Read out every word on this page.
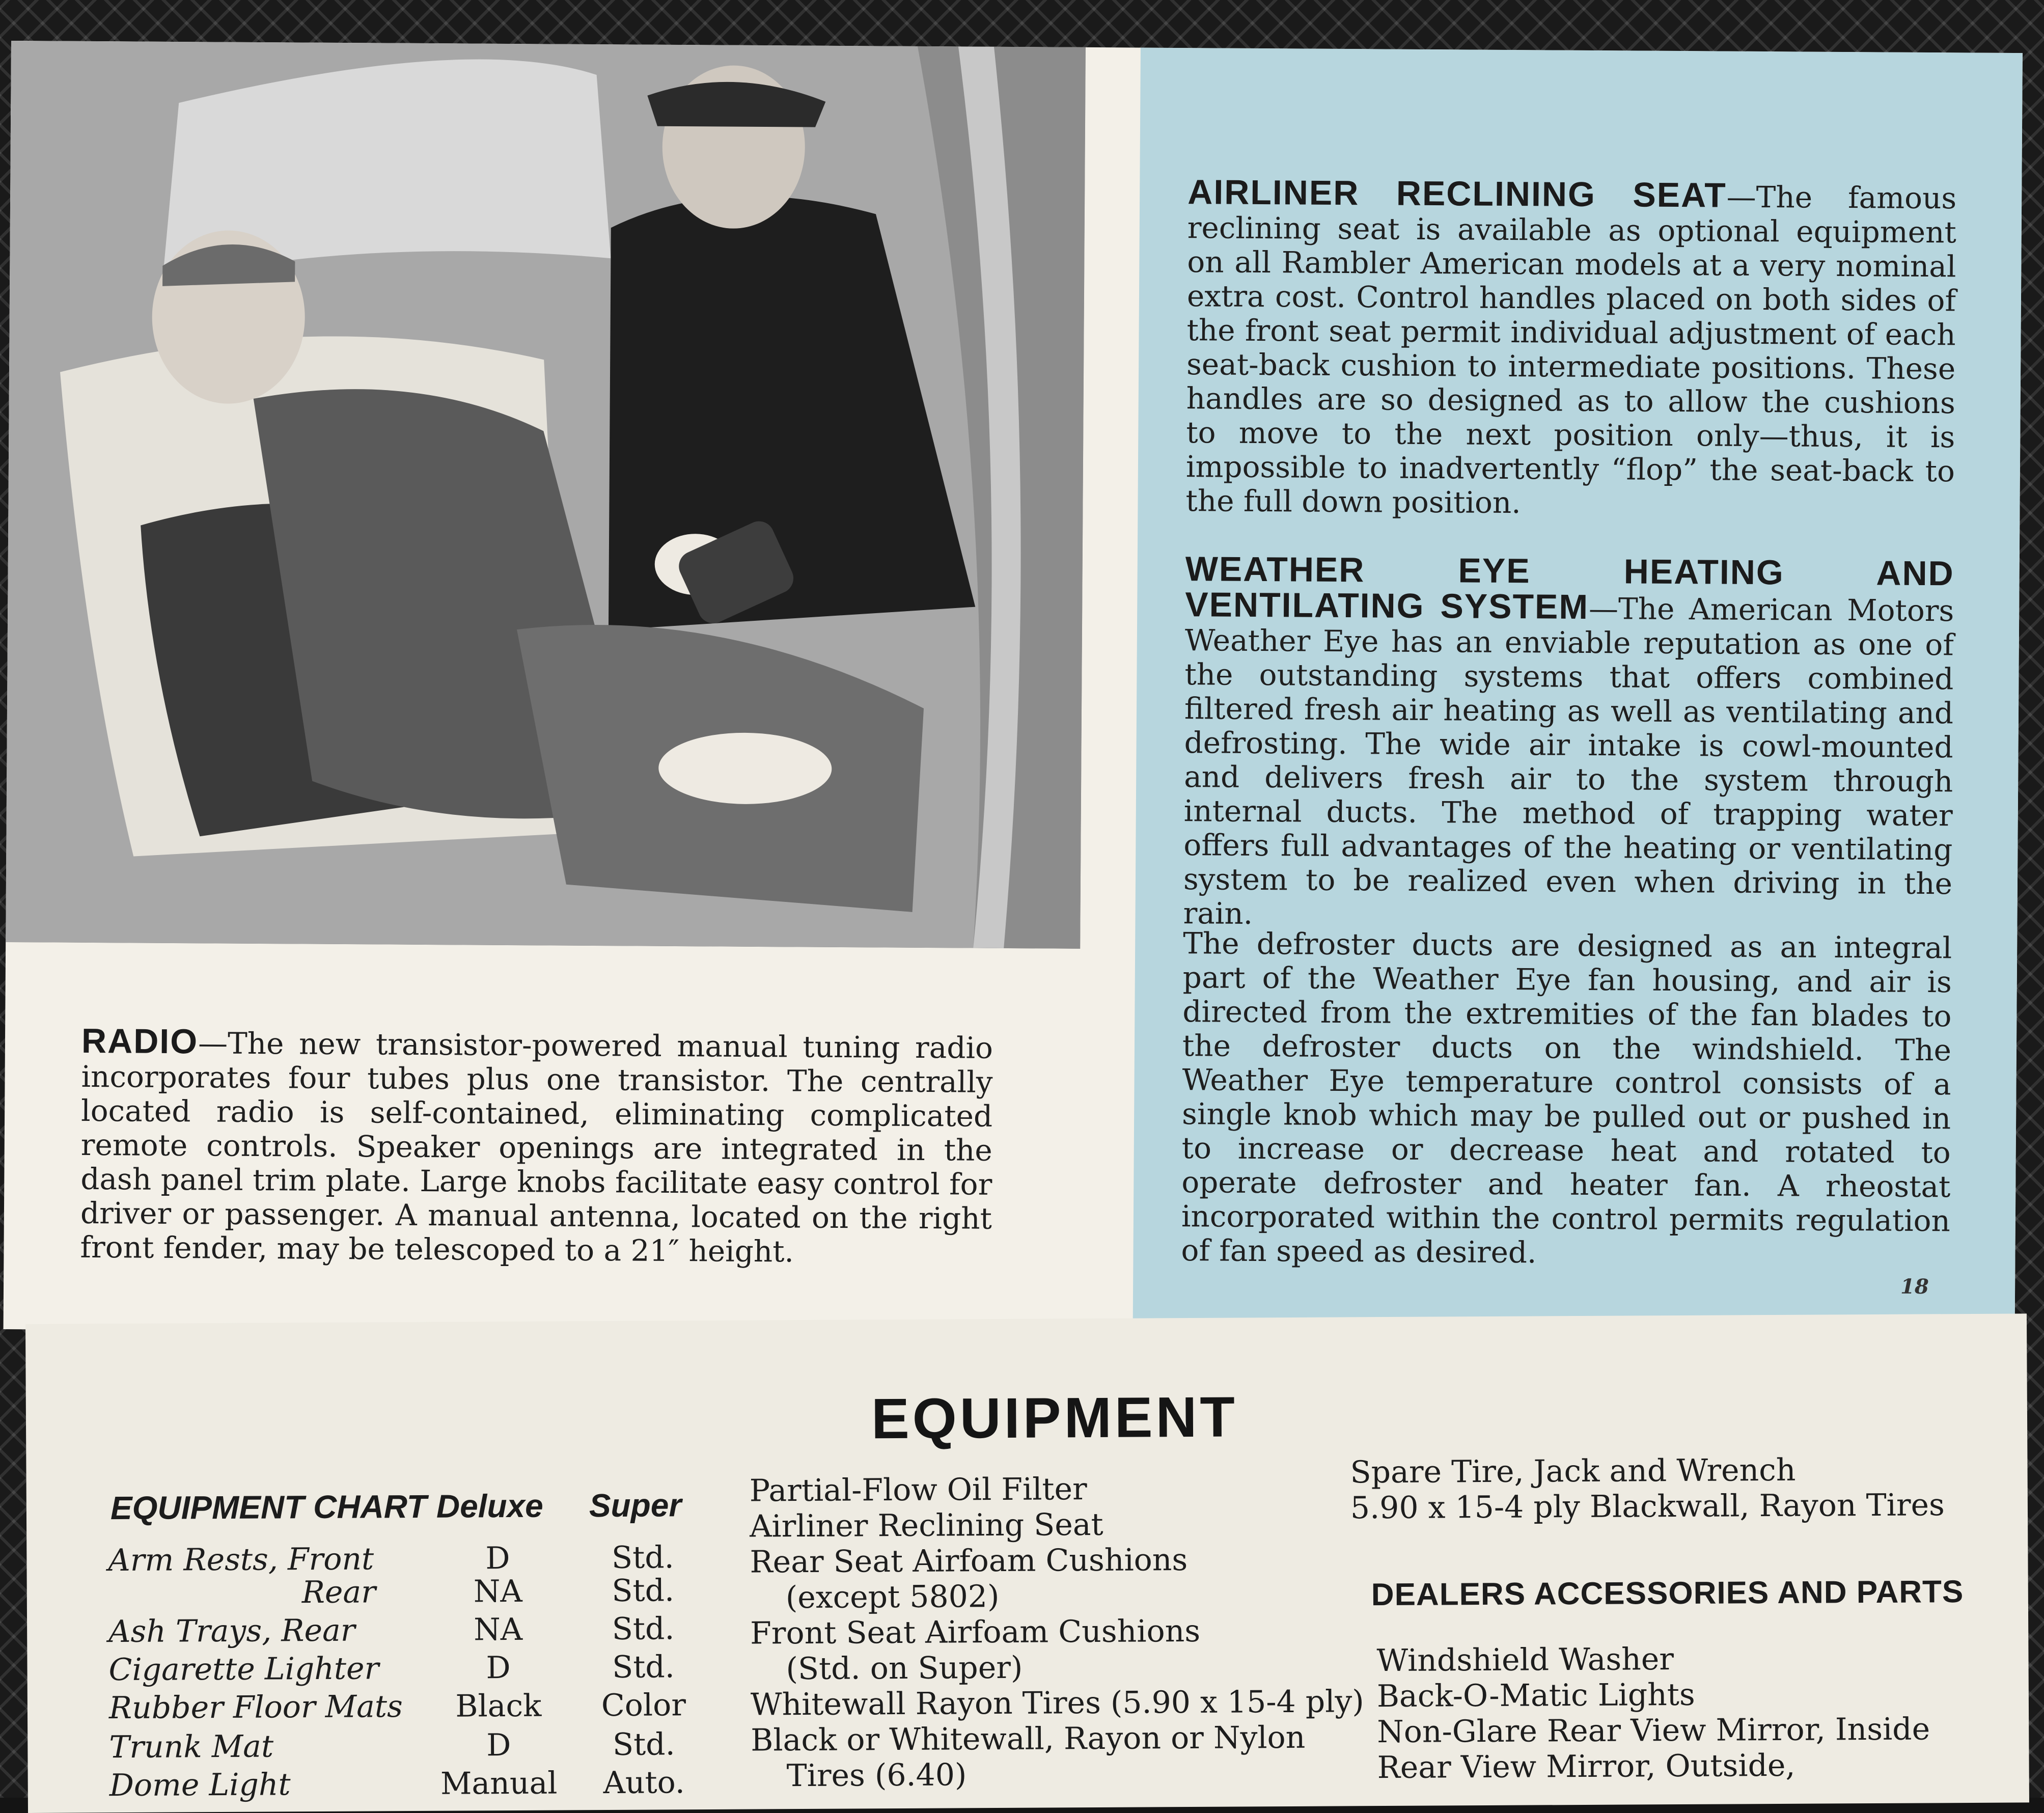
AIRLINER RECLINING SEAT—The famous reclining seat is available as optional equipment on all Rambler American models at a very nominal extra cost. Control handles placed on both sides of the front seat permit individual adjustment of each seat-back cushion to intermediate positions. These handles are so designed as to allow the cushions to move to the next position only—thus, it is impossible to inadvertently “flop” the seat-back to the full down position.
WEATHER EYE HEATING AND VENTILATING SYSTEM—The American Motors Weather Eye has an enviable reputation as one of the outstanding systems that offers combined filtered fresh air heating as well as ventilating and defrosting. The wide air intake is cowl-mounted and delivers fresh air to the system through internal ducts. The method of trapping water offers full advantages of the heating or ventilating system to be realized even when driving in the rain.
The defroster ducts are designed as an integral part of the Weather Eye fan housing, and air is directed from the extremities of the fan blades to the defroster ducts on the windshield. The Weather Eye temperature control consists of a single knob which may be pulled out or pushed in to increase or decrease heat and rotated to operate defroster and heater fan. A rheostat incorporated within the control permits regulation of fan speed as desired.
RADIO—The new transistor-powered manual tuning radio incorporates four tubes plus one transistor. The centrally located radio is self-contained, eliminating complicated remote controls. Speaker openings are integrated in the dash panel trim plate. Large knobs facilitate easy control for driver or passenger. A manual antenna, located on the right front fender, may be telescoped to a 21″ height.
18
EQUIPMENT
EQUIPMENT CHART Deluxe Super
Arm Rests, Front	D	Std.
Rear	NA	Std.
Ash Trays, Rear	NA	Std.
Cigarette Lighter	D	Std.
Rubber Floor Mats	Black	Color
Trunk Mat	D	Std.
Dome Light	Manual	Auto.
Partial-Flow Oil Filter
Airliner Reclining Seat
Rear Seat Airfoam Cushions
(except 5802)
Front Seat Airfoam Cushions
(Std. on Super)
Whitewall Rayon Tires (5.90 x 15-4 ply)
Black or Whitewall, Rayon or Nylon
Tires (6.40)
Spare Tire, Jack and Wrench
5.90 x 15-4 ply Blackwall, Rayon Tires
DEALERS ACCESSORIES AND PARTS
Windshield Washer
Back-O-Matic Lights
Non-Glare Rear View Mirror, Inside
Rear View Mirror, Outside,
